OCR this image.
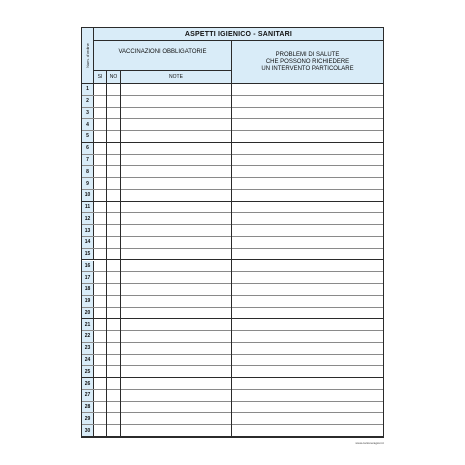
Num. d'ordine
ASPETTI IGIENICO - SANITARI
VACCINAZIONI OBBLIGATORIE	PROBLEMI DI SALUTE
CHE POSSONO RICHIEDERE
UN INTERVENTO PARTICOLARE
SI	NO	NOTE
1
2
3
4
5
6
7
8
9
10
11
12
13
14
15
16
17
18
19
20
21
22
23
24
25
26
27
28
29
30
www.cartoneragioni.it
